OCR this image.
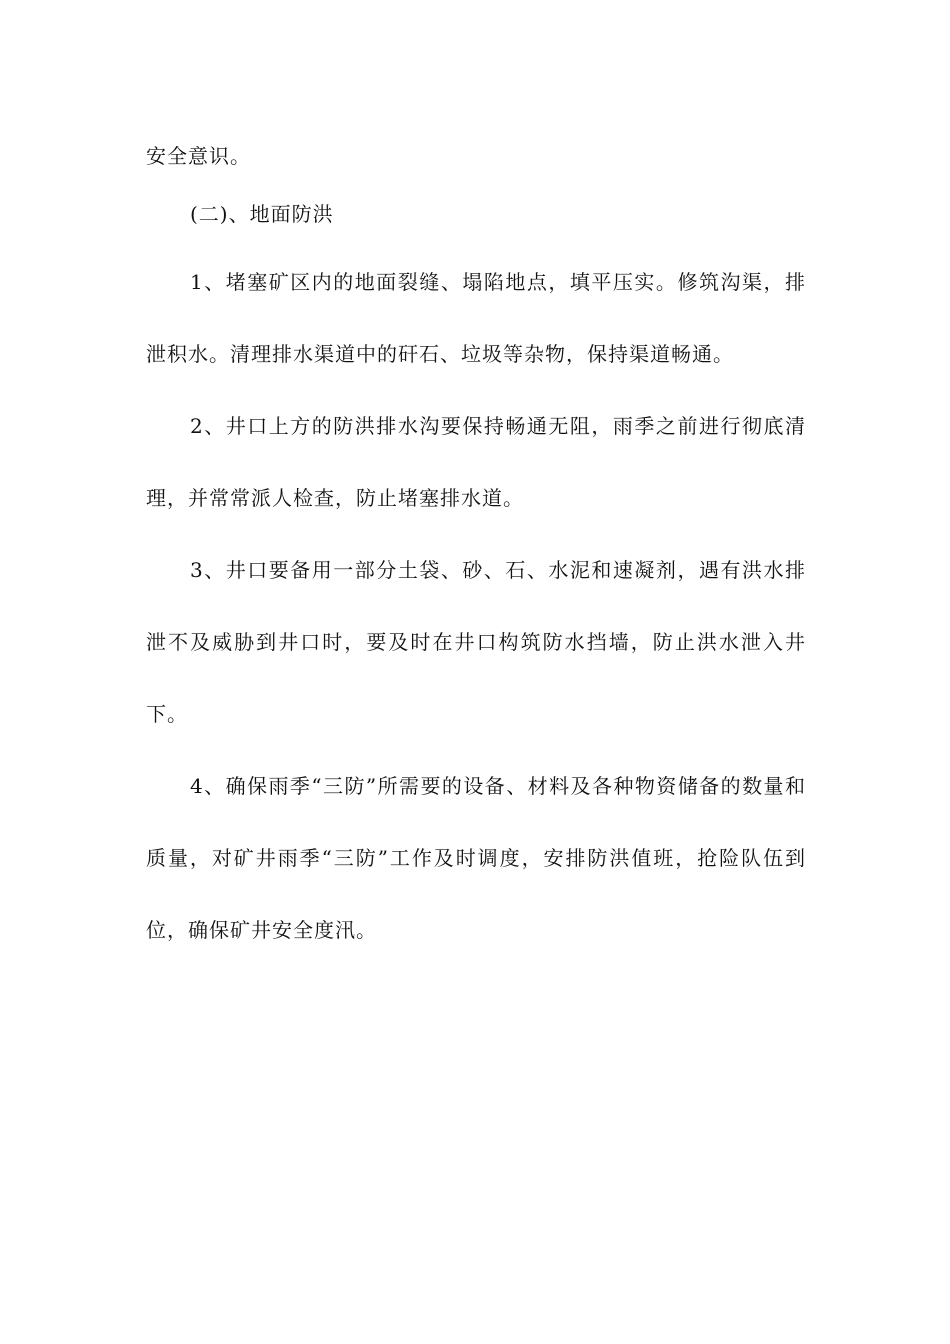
安全意识。

(二)、地面防洪

1、堵塞矿区内的地面裂缝、塌陷地点，填平压实。修筑沟渠，排泄积水。清理排水渠道中的矸石、垃圾等杂物，保持渠道畅通。

2、井口上方的防洪排水沟要保持畅通无阻，雨季之前进行彻底清理，并常常派人检查，防止堵塞排水道。

3、井口要备用一部分土袋、砂、石、水泥和速凝剂，遇有洪水排泄不及威胁到井口时，要及时在井口构筑防水挡墙，防止洪水泄入井下。

4、确保雨季“三防”所需要的设备、材料及各种物资储备的数量和质量，对矿井雨季“三防”工作及时调度，安排防洪值班，抢险队伍到位，确保矿井安全度汛。
